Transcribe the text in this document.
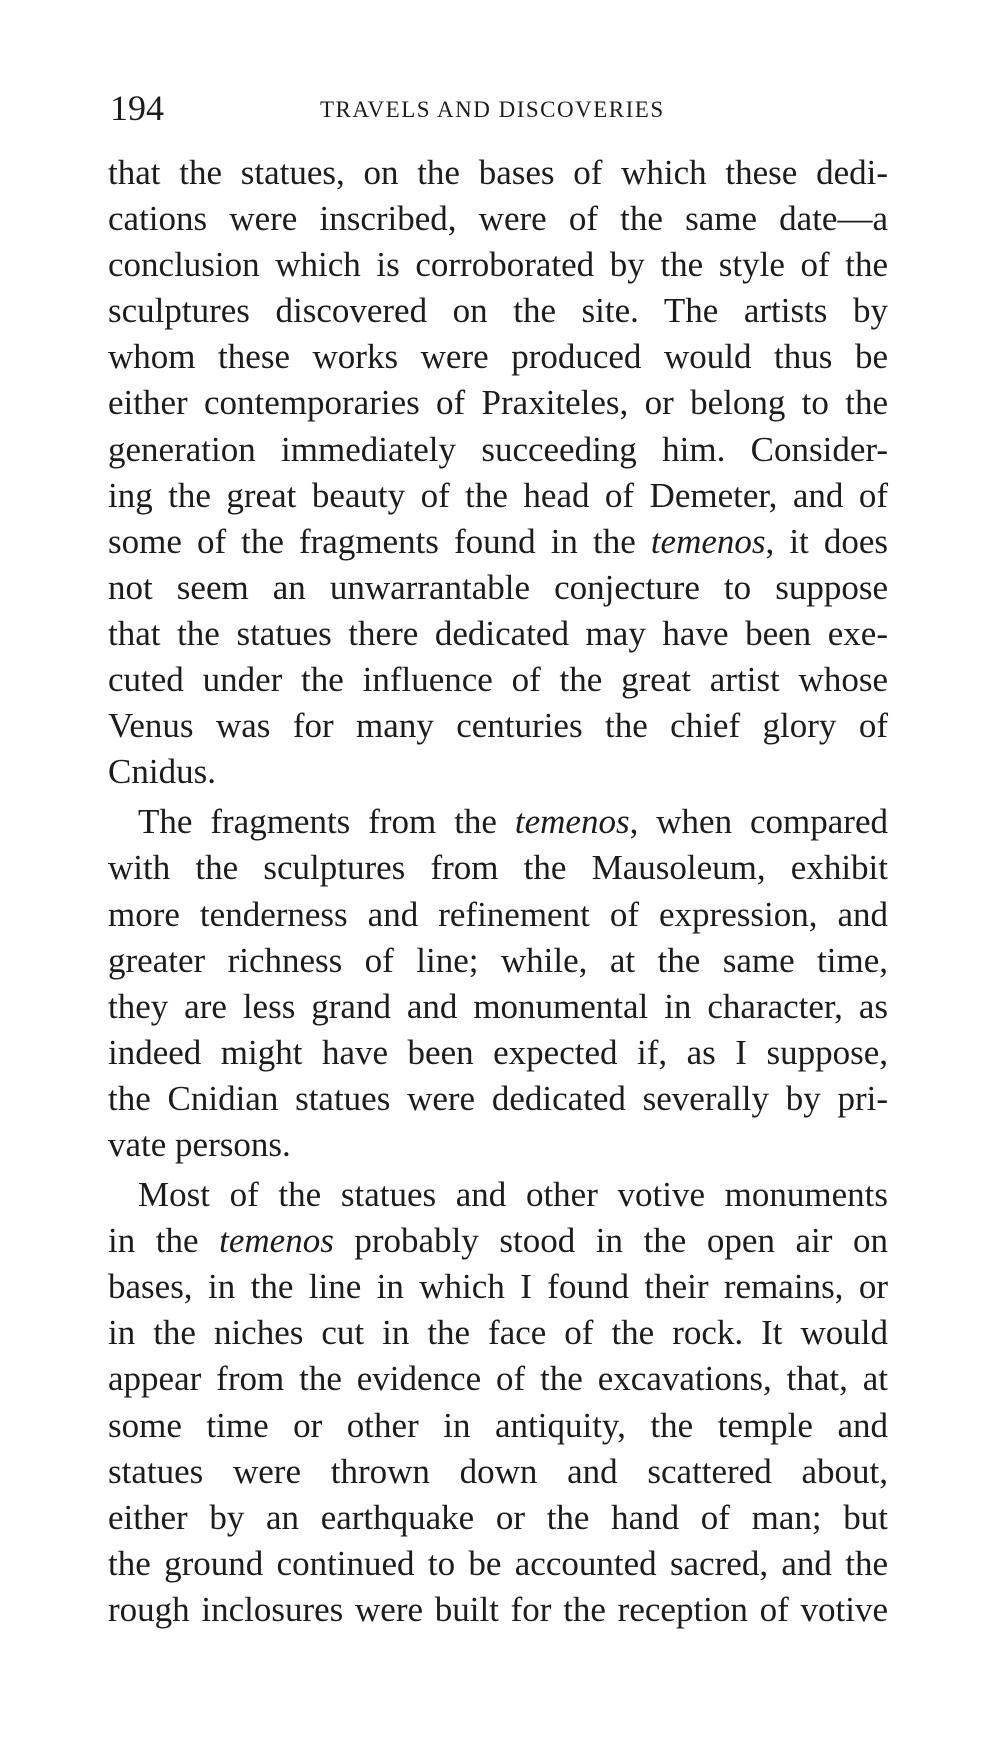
194	TRAVELS AND DISCOVERIES
that the statues, on the bases of which these dedi-
cations were inscribed, were of the same date—a
conclusion which is corroborated by the style of the
sculptures discovered on the site. The artists by
whom these works were produced would thus be
either contemporaries of Praxiteles, or belong to the
generation immediately succeeding him. Consider-
ing the great beauty of the head of Demeter, and of
some of the fragments found in the temenos, it does
not seem an unwarrantable conjecture to suppose
that the statues there dedicated may have been exe-
cuted under the influence of the great artist whose
Venus was for many centuries the chief glory of
Cnidus.
The fragments from the temenos, when compared
with the sculptures from the Mausoleum, exhibit
more tenderness and refinement of expression, and
greater richness of line; while, at the same time,
they are less grand and monumental in character, as
indeed might have been expected if, as I suppose,
the Cnidian statues were dedicated severally by pri-
vate persons.
Most of the statues and other votive monuments
in the temenos probably stood in the open air on
bases, in the line in which I found their remains, or
in the niches cut in the face of the rock. It would
appear from the evidence of the excavations, that, at
some time or other in antiquity, the temple and
statues were thrown down and scattered about,
either by an earthquake or the hand of man; but
the ground continued to be accounted sacred, and the
rough inclosures were built for the reception of votive
